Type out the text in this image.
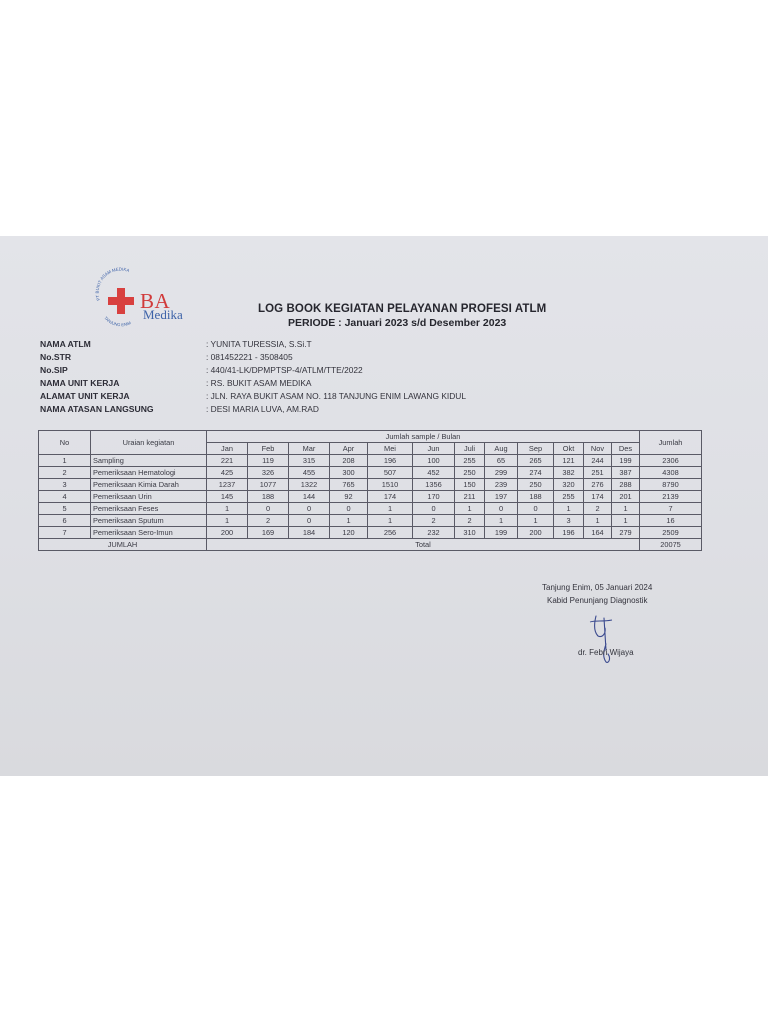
PT BUKIT ASAM MEDIKA
TANJUNG ENIM
BA
Medika	LOG BOOK KEGIATAN PELAYANAN PROFESI ATLM
PERIODE : Januari 2023 s/d Desember 2023
NAMA ATLM	: YUNITA TURESSIA, S.Si.T
No.STR	: 081452221 - 3508405
No.SIP	: 440/41-LK/DPMPTSP-4/ATLM/TTE/2022
NAMA UNIT KERJA	: RS. BUKIT ASAM MEDIKA
ALAMAT UNIT KERJA	: JLN. RAYA BUKIT ASAM NO. 118 TANJUNG ENIM LAWANG KIDUL
NAMA ATASAN LANGSUNG	: DESI MARIA LUVA, AM.RAD
No	Uraian kegiatan	Jumlah sample / Bulan												Jumlah
		Jan	Feb	Mar	Apr	Mei	Jun	Juli	Aug	Sep	Okt	Nov	Des	
1	Sampling	221	119	315	208	196	100	255	65	265	121	244	199	2306
2	Pemeriksaan Hematologi	425	326	455	300	507	452	250	299	274	382	251	387	4308
3	Pemeriksaan Kimia Darah	1237	1077	1322	765	1510	1356	150	239	250	320	276	288	8790
4	Pemeriksaan Urin	145	188	144	92	174	170	211	197	188	255	174	201	2139
5	Pemeriksaan Feses	1	0	0	0	1	0	1	0	0	1	2	1	7
6	Pemeriksaan Sputum	1	2	0	1	1	2	2	1	1	3	1	1	16
7	Pemeriksaan Sero-Imun	200	169	184	120	256	232	310	199	200	196	164	279	2509
JUMLAH		Total												20075
Tanjung Enim, 05 Januari 2024
Kabid Penunjang Diagnostik
dr. Febri Wijaya
